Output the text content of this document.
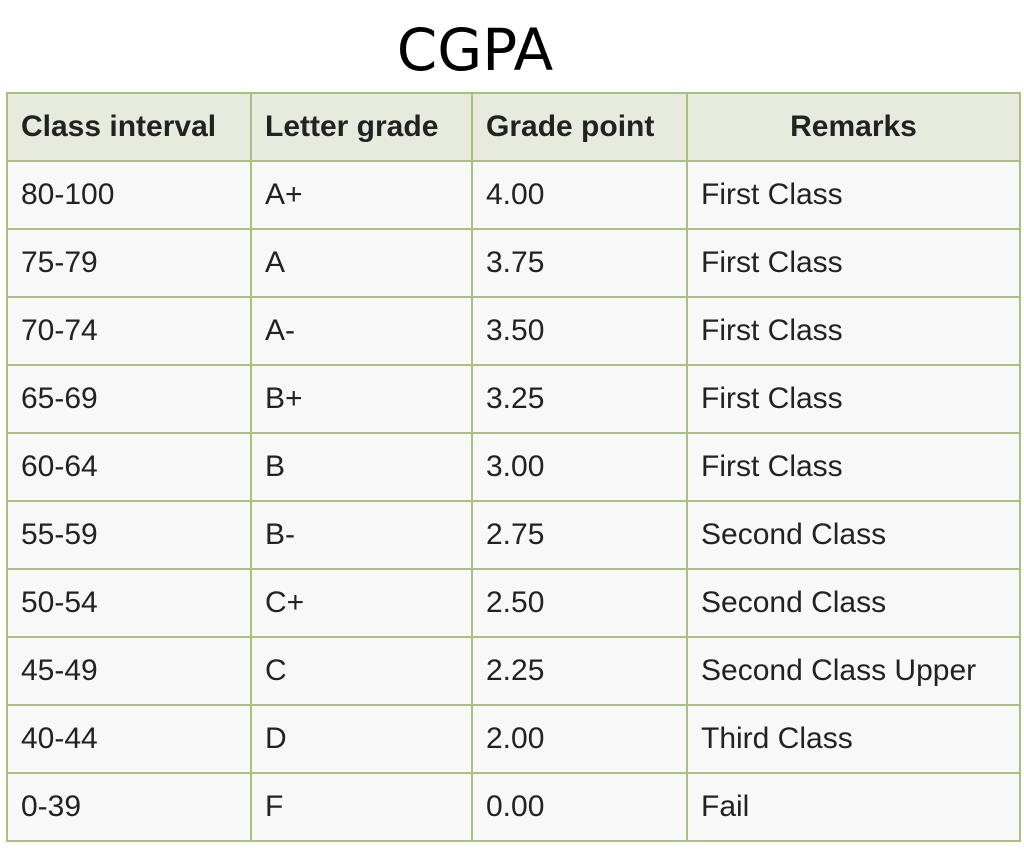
CGPA
Class interval	Letter grade	Grade point	Remarks
80-100	A+	4.00	First Class
75-79	A	3.75	First Class
70-74	A-	3.50	First Class
65-69	B+	3.25	First Class
60-64	B	3.00	First Class
55-59	B-	2.75	Second Class
50-54	C+	2.50	Second Class
45-49	C	2.25	Second Class Upper
40-44	D	2.00	Third Class
0-39	F	0.00	Fail
